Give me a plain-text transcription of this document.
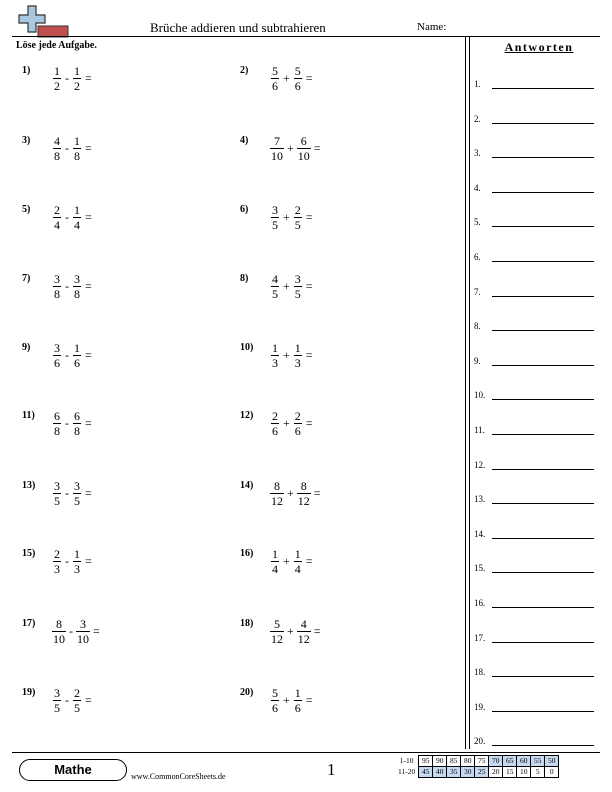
Brüche addieren und subtrahieren	Name:
Löse jede Aufgabe.
1)	$\frac{1}{2} - \frac{1}{2}$ =
2)	$\frac{5}{6} + \frac{5}{6}$ =
3)	$\frac{4}{8} - \frac{1}{8}$ =
4)	$\frac{7}{10} + \frac{6}{10}$ =
5)	$\frac{2}{4} - \frac{1}{4}$ =
6)	$\frac{3}{5} + \frac{2}{5}$ =
7)	$\frac{3}{8} - \frac{3}{8}$ =
8)	$\frac{4}{5} + \frac{3}{5}$ =
9)	$\frac{3}{6} - \frac{1}{6}$ =
10)	$\frac{1}{3} + \frac{1}{3}$ =
11)	$\frac{6}{8} - \frac{6}{8}$ =
12)	$\frac{2}{6} + \frac{2}{6}$ =
13)	$\frac{3}{5} - \frac{3}{5}$ =
14)	$\frac{8}{12} + \frac{8}{12}$ =
15)	$\frac{2}{3} - \frac{1}{3}$ =
16)	$\frac{1}{4} + \frac{1}{4}$ =
17)	$\frac{8}{10} - \frac{3}{10}$ =
18)	$\frac{5}{12} + \frac{4}{12}$ =
19)	$\frac{3}{5} - \frac{2}{5}$ =
20)	$\frac{5}{6} + \frac{1}{6}$ =
Antworten
1.
2.
3.
4.
5.
6.
7.
8.
9.
10.
11.
12.
13.
14.
15.
16.
17.
18.
19.
20.
Mathe	www.CommonCoreSheets.de	1	1-10	95	90	85	80	75	70	65	60	55	50
11-20	45	40	35	30	25	20	15	10	5	0
